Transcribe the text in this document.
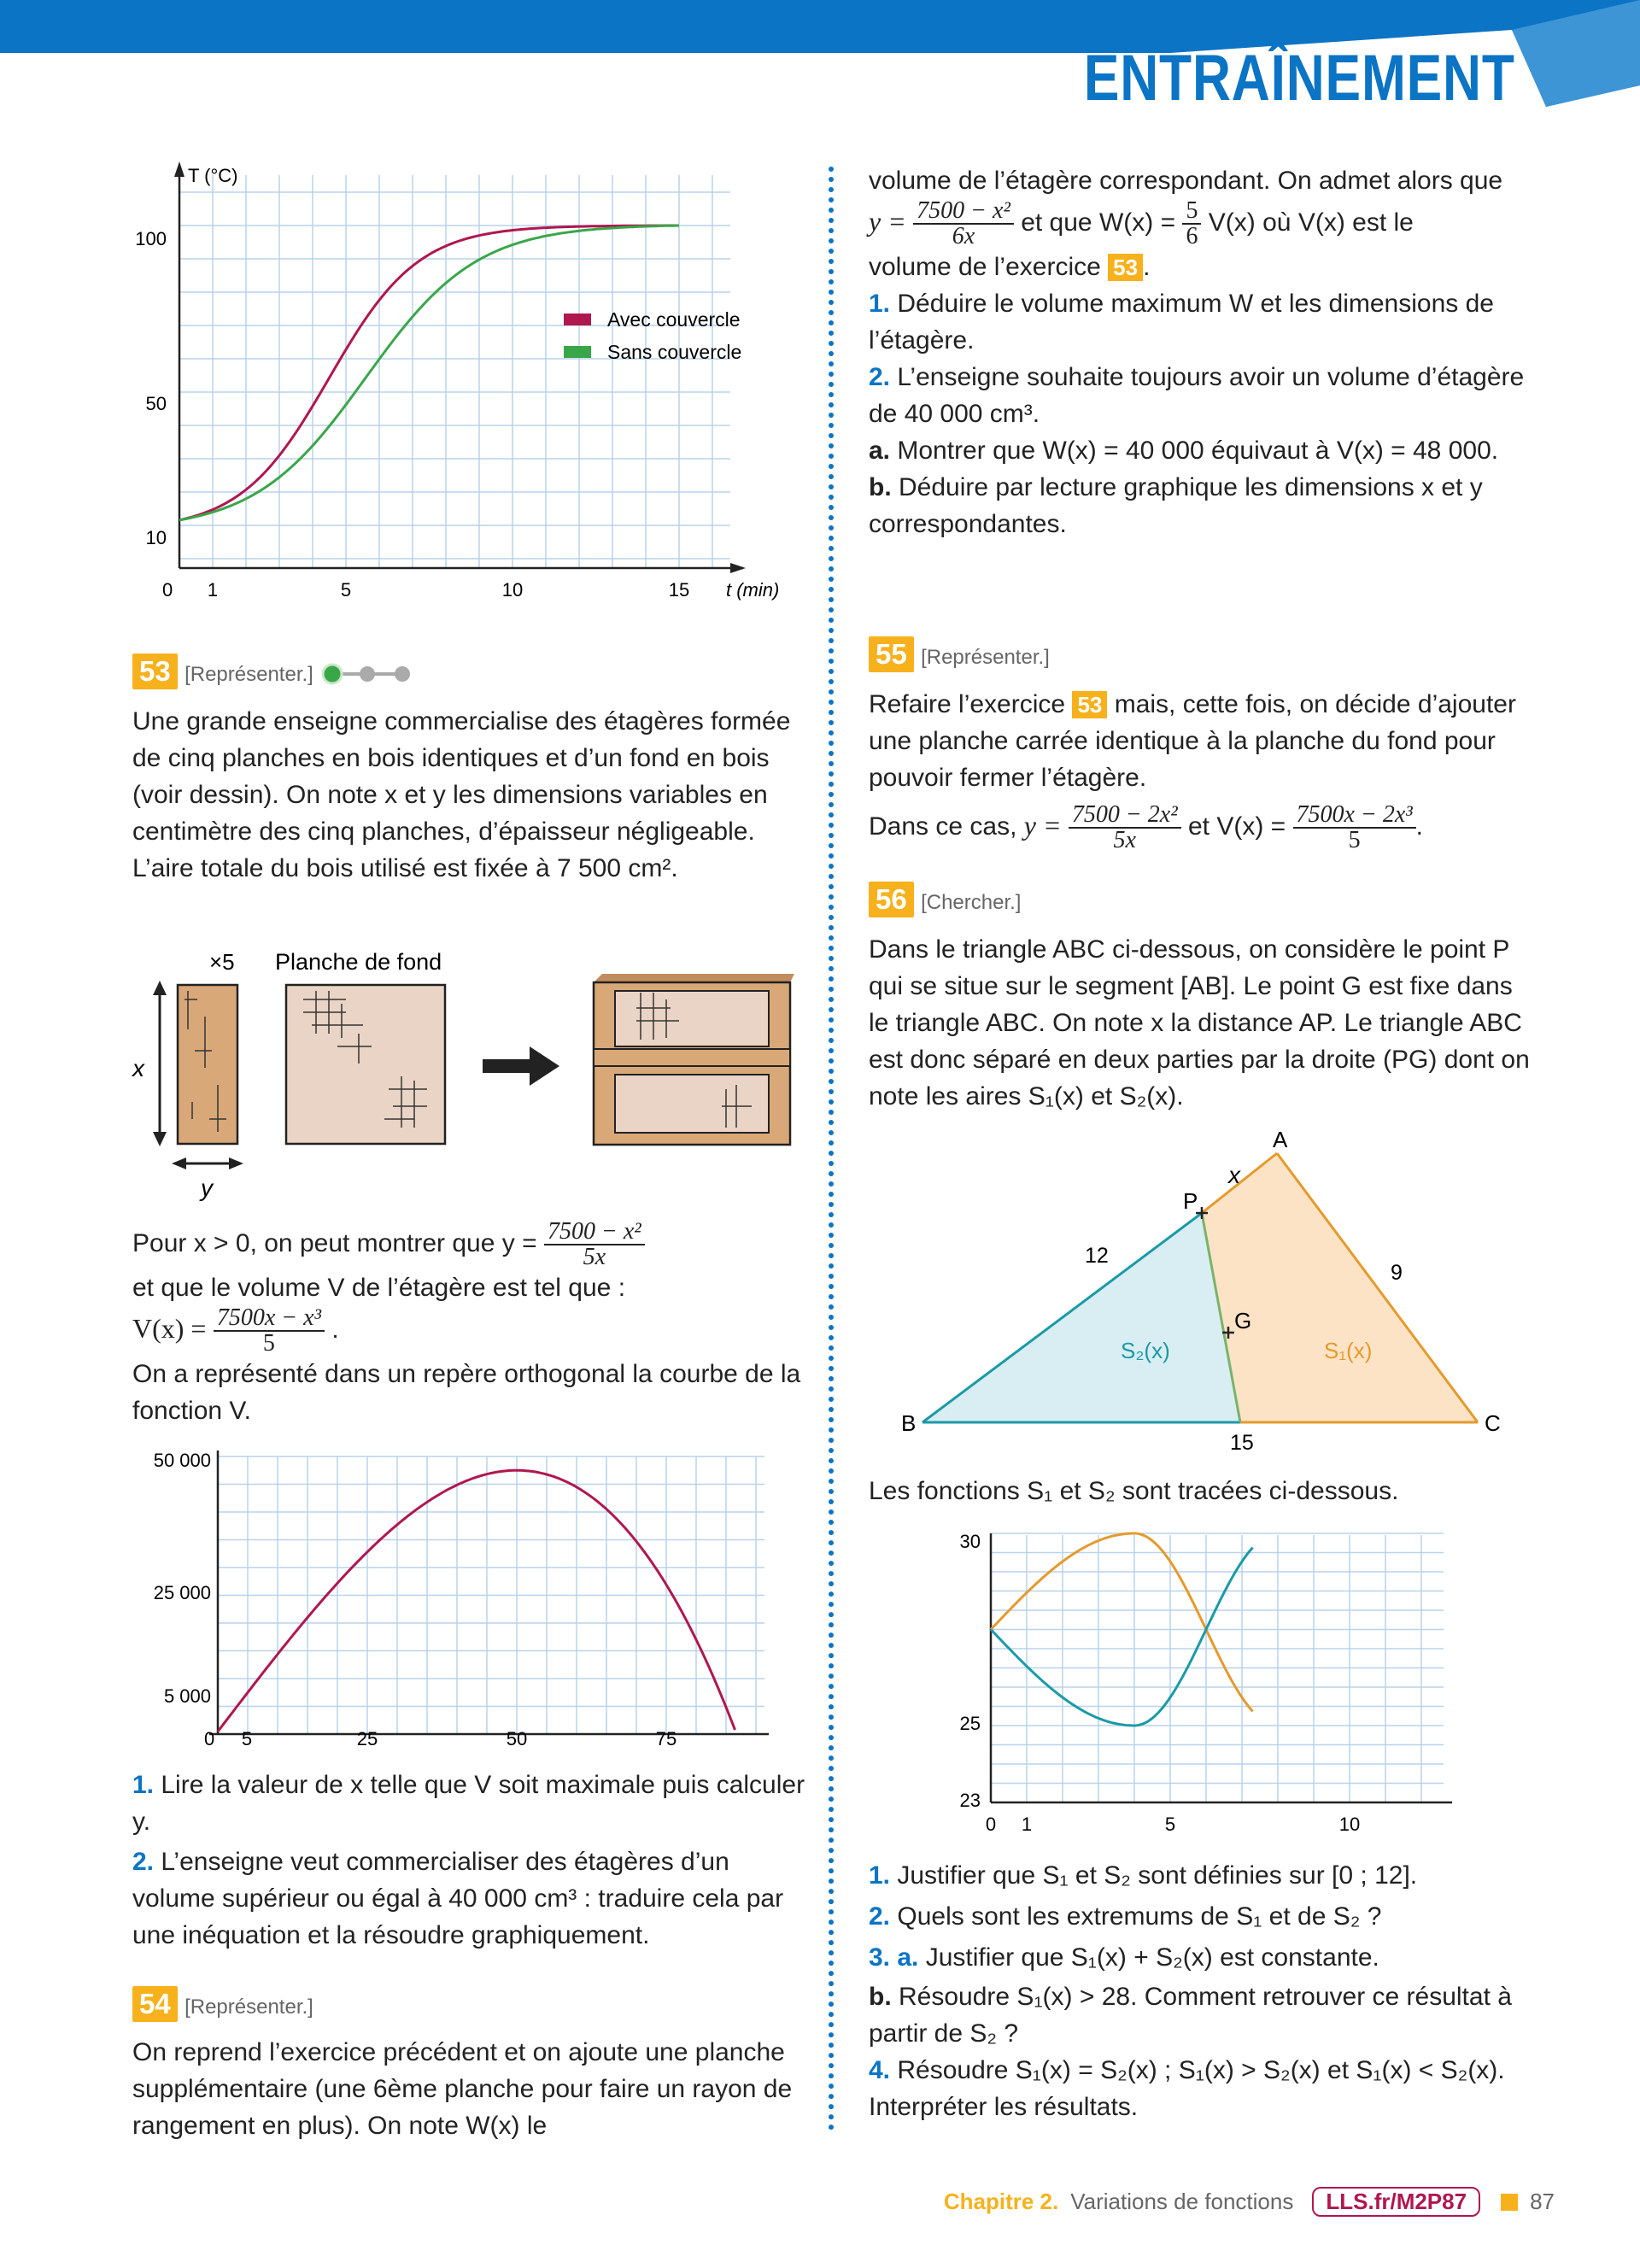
ENTRAÎNEMENT
T (°C)
100
50
10
0 1	5	10	15 t (min)
Avec couvercle
Sans couvercle

53 [Représenter.]

Une grande enseigne commercialise des étagères formée de cinq planches en bois identiques et d’un fond en bois (voir dessin). On note x et y les dimensions variables en centimètre des cinq planches, d’épaisseur négligeable. L’aire totale du bois utilisé est fixée à 7 500 cm².

×5 Planche de fond
x
y

Pour x > 0, on peut montrer que $y = \frac{\text{7500 − x²}}{5x}$

et que le volume V de l’étagère est tel que :

$V(x) = \frac{\text{7500x − x³}}{5}$ .

On a représenté dans un repère orthogonal la courbe de la fonction V.

50 000
25 000
5 000
0 5	25	50	75

1. Lire la valeur de x telle que V soit maximale puis calculer y.

2. L’enseigne veut commercialiser des étagères d’un volume supérieur ou égal à 40 000 cm³ : traduire cela par une inéquation et la résoudre graphiquement.

54 [Représenter.]

On reprend l’exercice précédent et on ajoute une planche supplémentaire (une 6ème planche pour faire un rayon de rangement en plus). On note W(x) le

volume de l’étagère correspondant. On admet alors que

$y = \frac{\text{7500 − x²}}{6x}$ et que $W(x) = \frac{5}{6} V(x)$ où V(x) est le

volume de l’exercice 53 .

1. Déduire le volume maximum W et les dimensions de l’étagère.

2. L’enseigne souhaite toujours avoir un volume d’étagère de 40 000 cm³.

a. Montrer que W(x) = 40 000 équivaut à V(x) = 48 000.

b. Déduire par lecture graphique les dimensions x et y correspondantes.

55 [Représenter.]

Refaire l’exercice 53 mais, cette fois, on décide d’ajouter une planche carrée identique à la planche du fond pour pouvoir fermer l’étagère.

Dans ce cas, $y = \frac{\text{7500 − 2x²}}{5x}$ et $V(x) = \frac{\text{7500x − 2x³}}{5}$ .

56 [Chercher.]

Dans le triangle ABC ci-dessous, on considère le point P qui se situe sur le segment [AB]. Le point G est fixe dans le triangle ABC. On note x la distance AP. Le triangle ABC est donc séparé en deux parties par la droite (PG) dont on note les aires S₁(x) et S₂(x).

A
B	C
P
G
x
12
9
15
S₂(x)	S₁(x)

Les fonctions S₁ et S₂ sont tracées ci-dessous.

30
25
23
0 1	5	10

1. Justifier que S₁ et S₂ sont définies sur [0 ; 12].

2. Quels sont les extremums de S₁ et de S₂ ?

3. a. Justifier que S₁(x) + S₂(x) est constante.

b. Résoudre S₁(x) > 28. Comment retrouver ce résultat à partir de S₂ ?

4. Résoudre S₁(x) = S₂(x) ; S₁(x) > S₂(x) et S₁(x) < S₂(x). Interpréter les résultats.

Chapitre 2. Variations de fonctions	LLS.fr/M2P87	87
